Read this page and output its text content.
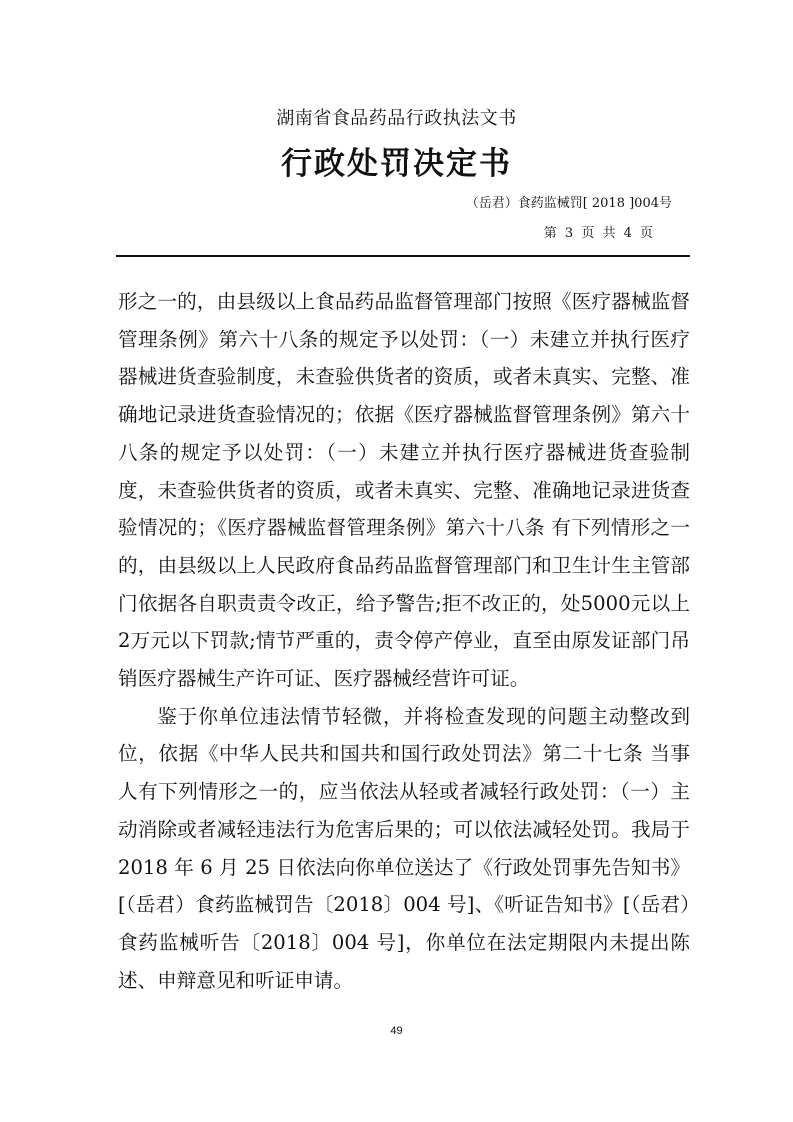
湖南省食品药品行政执法文书
行政处罚决定书
（岳君）食药监械罚[ 2018 ]004号
第 3 页 共 4 页

形之一的，由县级以上食品药品监督管理部门按照《医疗器械监督管理条例》第六十八条的规定予以处罚：（一）未建立并执行医疗器械进货查验制度，未查验供货者的资质，或者未真实、完整、准确地记录进货查验情况的；依据《医疗器械监督管理条例》第六十八条的规定予以处罚：（一）未建立并执行医疗器械进货查验制度，未查验供货者的资质，或者未真实、完整、准确地记录进货查验情况的；《医疗器械监督管理条例》第六十八条 有下列情形之一的，由县级以上人民政府食品药品监督管理部门和卫生计生主管部门依据各自职责责令改正，给予警告;拒不改正的，处5000元以上2万元以下罚款;情节严重的，责令停产停业，直至由原发证部门吊销医疗器械生产许可证、医疗器械经营许可证。

鉴于你单位违法情节轻微，并将检查发现的问题主动整改到位，依据《中华人民共和国共和国行政处罚法》第二十七条 当事人有下列情形之一的，应当依法从轻或者减轻行政处罚：（一）主动消除或者减轻违法行为危害后果的；可以依法减轻处罚。我局于 2018 年 6 月 25 日依法向你单位送达了《行政处罚事先告知书》[（岳君）食药监械罚告〔2018〕004 号]、《听证告知书》[（岳君）食药监械听告〔2018〕004 号]，你单位在法定期限内未提出陈述、申辩意见和听证申请。

49
